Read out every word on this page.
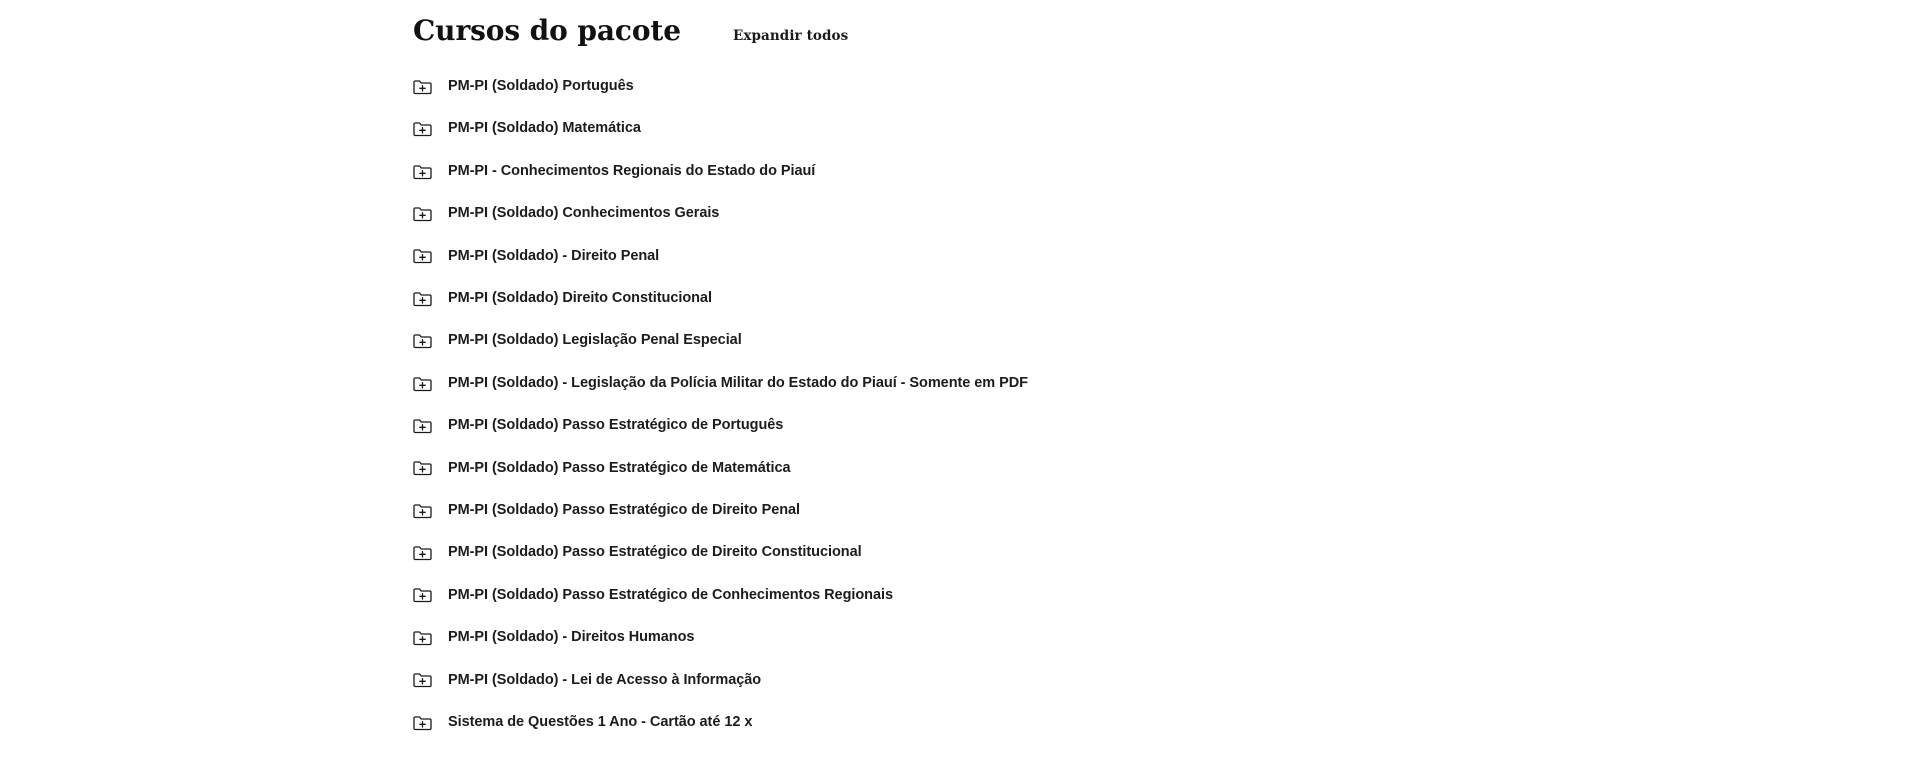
Cursos do pacote	Expandir todos
PM-PI (Soldado) Português
PM-PI (Soldado) Matemática
PM-PI - Conhecimentos Regionais do Estado do Piauí
PM-PI (Soldado) Conhecimentos Gerais
PM-PI (Soldado) - Direito Penal
PM-PI (Soldado) Direito Constitucional
PM-PI (Soldado) Legislação Penal Especial
PM-PI (Soldado) - Legislação da Polícia Militar do Estado do Piauí - Somente em PDF
PM-PI (Soldado) Passo Estratégico de Português
PM-PI (Soldado) Passo Estratégico de Matemática
PM-PI (Soldado) Passo Estratégico de Direito Penal
PM-PI (Soldado) Passo Estratégico de Direito Constitucional
PM-PI (Soldado) Passo Estratégico de Conhecimentos Regionais
PM-PI (Soldado) - Direitos Humanos
PM-PI (Soldado) - Lei de Acesso à Informação
Sistema de Questões 1 Ano - Cartão até 12 x
